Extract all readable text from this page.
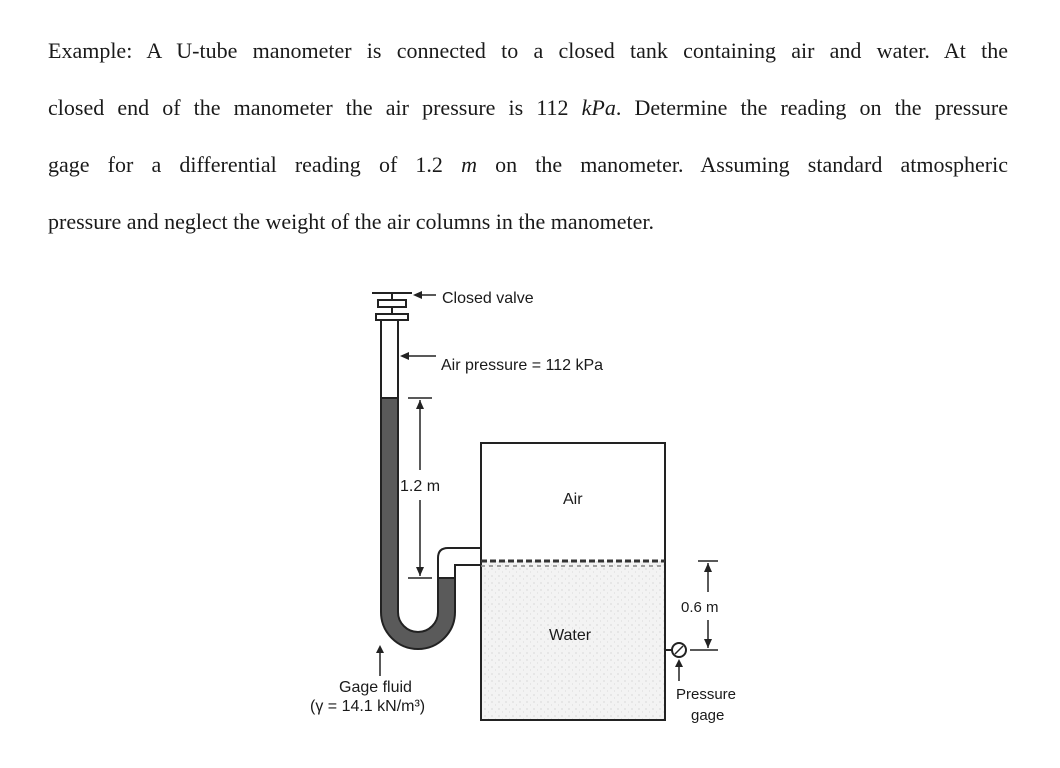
Example: A U-tube manometer is connected to a closed tank containing air and water. At the
closed end of the manometer the air pressure is 112 kPa. Determine the reading on the pressure
gage for a differential reading of 1.2 m on the manometer. Assuming standard atmospheric
pressure and neglect the weight of the air columns in the manometer.
Closed valve
Air pressure = 112 kPa
1.2 m
Air
Water
0.6 m
Gage fluid
(γ = 14.1 kN/m³)
Pressure
gage
